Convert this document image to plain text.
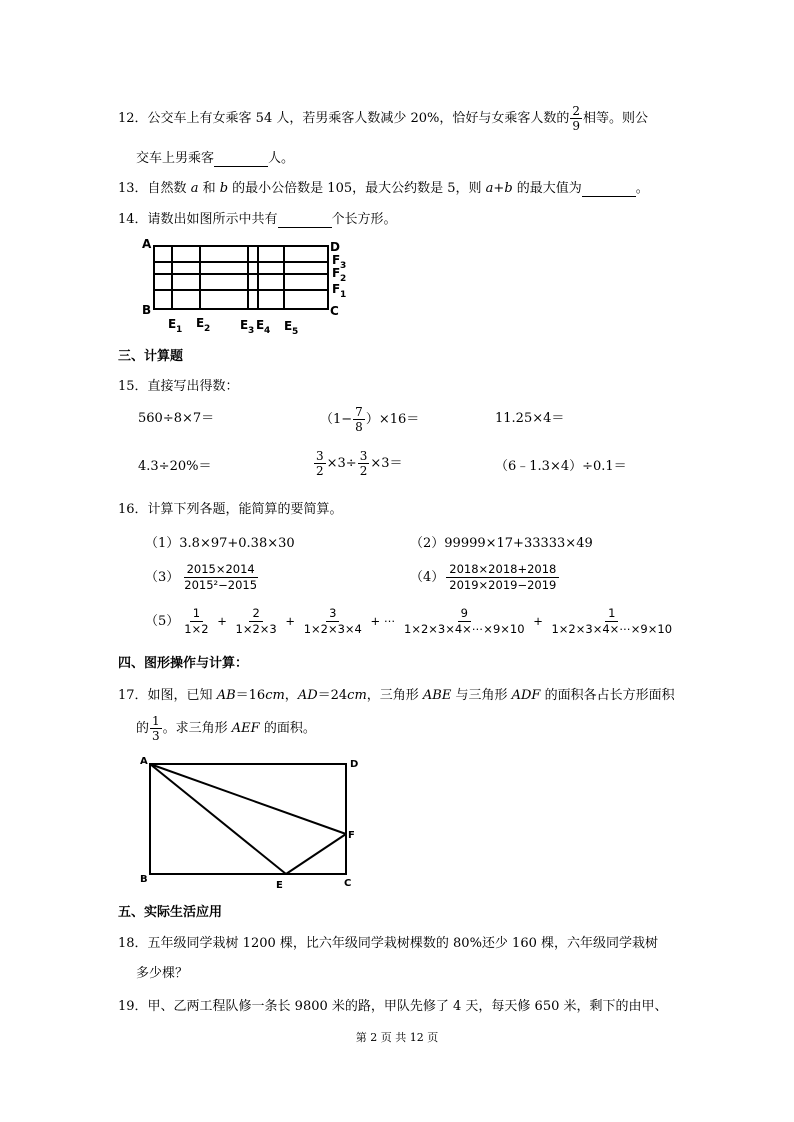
12．公交车上有女乘客 54 人，若男乘客人数减少 20%，恰好与女乘客人数的 $\frac{2}{9}$ 相等。则公
交车上男乘客	人。
13．自然数 a 和 b 的最小公倍数是 105，最大公约数是 5，则 a+b 的最大值为	。
14．请数出如图所示中共有	个长方形。
A
B	C
D
F 3
F 2
F 1
E 1 E 2 E 3 E 4 E 5
三、计算题
15．直接写出得数：
560÷8×7＝	$(1- \frac{7}{8} )\times 16=$	11.25×4＝
4.3÷20%＝	$\frac{3}{2} \times 3\div \frac{3}{2} \times 3=$	（6﹣1.3×4）÷0.1＝
16．计算下列各题，能简算的要简算。
（1）3.8×97+0.38×30	（2）99999×17+33333×49
$(3) \frac{2015\times 2014}{\text{2015²−2015}}$	$(4) \frac{2018\times 2018+2018}{2019\times 2019-2019}$
$(5) \frac{1}{1\times 2} + \frac{2}{1\times 2\times 3} + \frac{3}{1\times 2\times 3\times 4}$ + ⋯ $\frac{9}{1\times 2\times 3\times 4\times\cdots\times 9\times 10} + \frac{1}{1\times 2\times 3\times 4\times\cdots\times 9\times 10}$
四、图形操作与计算：
17．如图，已知 AB＝16cm，AD＝24cm，三角形 ABE 与三角形 ADF 的面积各占长方形面积
的 $\frac{1}{3}$ 。求三角形 AEF 的面积。
A	D
B	C
E
F
五、实际生活应用
18．五年级同学栽树 1200 棵，比六年级同学栽树棵数的 80%还少 160 棵，六年级同学栽树
多少棵？
19．甲、乙两工程队修一条长 9800 米的路，甲队先修了 4 天，每天修 650 米，剩下的由甲、
第 2 页 共 12 页
